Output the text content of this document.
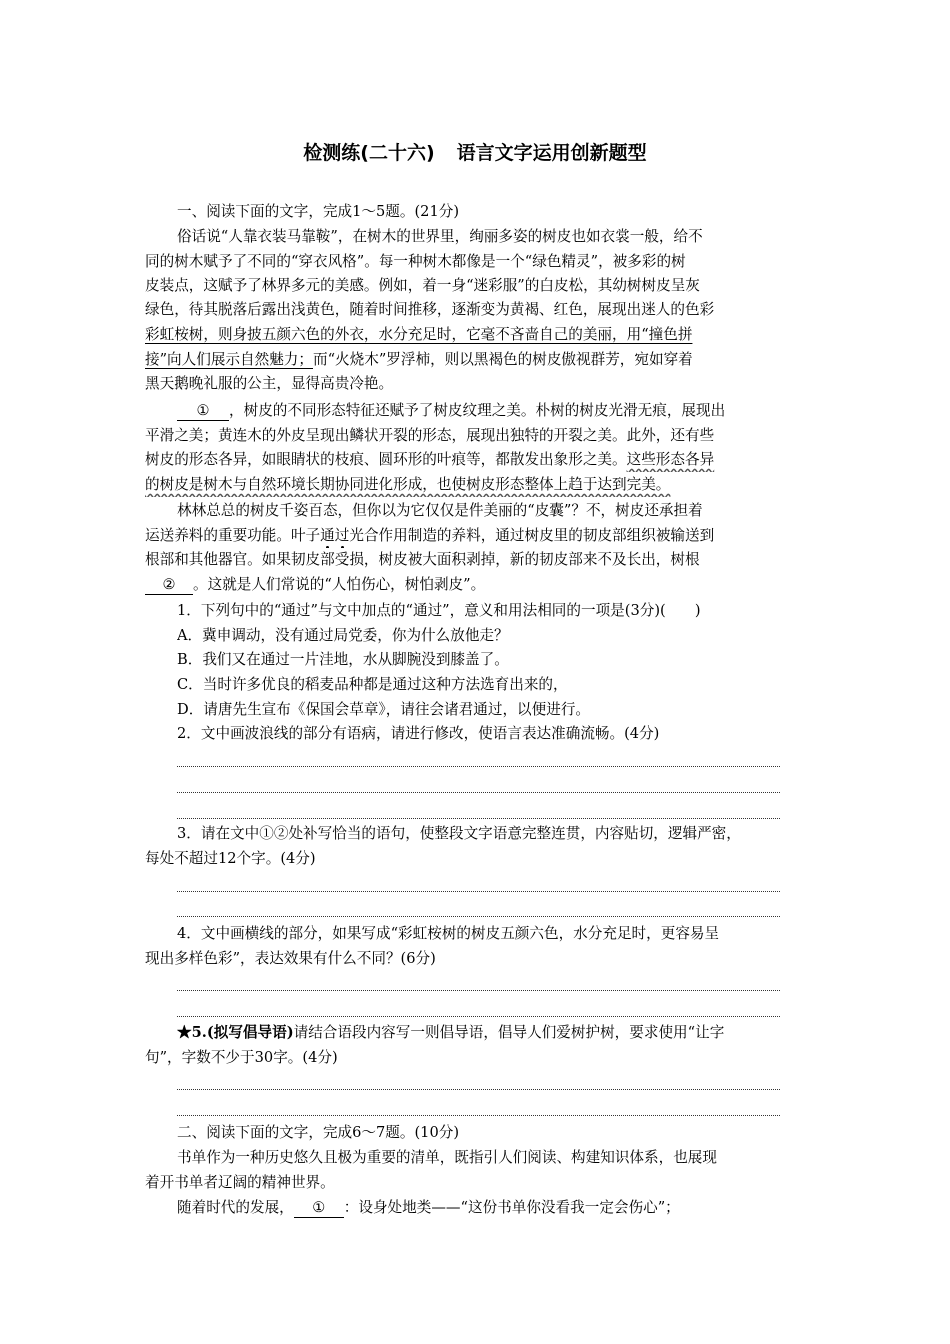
检测练(二十六) 语言文字运用创新题型
一、阅读下面的文字，完成1～5题。(21分)
俗话说“人靠衣装马靠鞍”，在树木的世界里，绚丽多姿的树皮也如衣裳一般，给不
同的树木赋予了不同的“穿衣风格”。每一种树木都像是一个“绿色精灵”，被多彩的树
皮装点，这赋予了林界多元的美感。例如，着一身“迷彩服”的白皮松，其幼树树皮呈灰
绿色，待其脱落后露出浅黄色，随着时间推移，逐渐变为黄褐、红色，展现出迷人的色彩
彩虹桉树，则身披五颜六色的外衣，水分充足时，它毫不吝啬自己的美丽，用“撞色拼
接”向人们展示自然魅力；而“火烧木”罗浮柿，则以黑褐色的树皮傲视群芳，宛如穿着
黑天鹅晚礼服的公主，显得高贵冷艳。
① ，树皮的不同形态特征还赋予了树皮纹理之美。朴树的树皮光滑无痕，展现出
平滑之美；黄连木的外皮呈现出鳞状开裂的形态，展现出独特的开裂之美。此外，还有些
树皮的形态各异，如眼睛状的枝痕、圆环形的叶痕等，都散发出象形之美。这些形态各异
的树皮是树木与自然环境长期协同进化形成，也使树皮形态整体上趋于达到完美。
林林总总的树皮千姿百态，但你以为它仅仅是件美丽的“皮囊”？不，树皮还承担着
运送养料的重要功能。叶子通过光合作用制造的养料，通过树皮里的韧皮部组织被输送到
根部和其他器官。如果韧皮部受损，树皮被大面积剥掉，新的韧皮部来不及长出，树根
② 。这就是人们常说的“人怕伤心，树怕剥皮”。
1．下列句中的“通过”与文中加点的“通过”，意义和用法相同的一项是(3分)(　　)
A．冀申调动，没有通过局党委，你为什么放他走？
B．我们又在通过一片洼地，水从脚腕没到膝盖了。
C．当时许多优良的稻麦品种都是通过这种方法选育出来的，
D．请唐先生宣布《保国会草章》，请往会诸君通过，以便进行。
2．文中画波浪线的部分有语病，请进行修改，使语言表达准确流畅。(4分)
3．请在文中①②处补写恰当的语句，使整段文字语意完整连贯，内容贴切，逻辑严密，
每处不超过12个字。(4分)
4．文中画横线的部分，如果写成“彩虹桉树的树皮五颜六色，水分充足时，更容易呈
现出多样色彩”，表达效果有什么不同？(6分)
★5.(拟写倡导语)请结合语段内容写一则倡导语，倡导人们爱树护树，要求使用“让字
句”，字数不少于30字。(4分)
二、阅读下面的文字，完成6～7题。(10分)
书单作为一种历史悠久且极为重要的清单，既指引人们阅读、构建知识体系，也展现
着开书单者辽阔的精神世界。
随着时代的发展， ① ：设身处地类——“这份书单你没看我一定会伤心”；
